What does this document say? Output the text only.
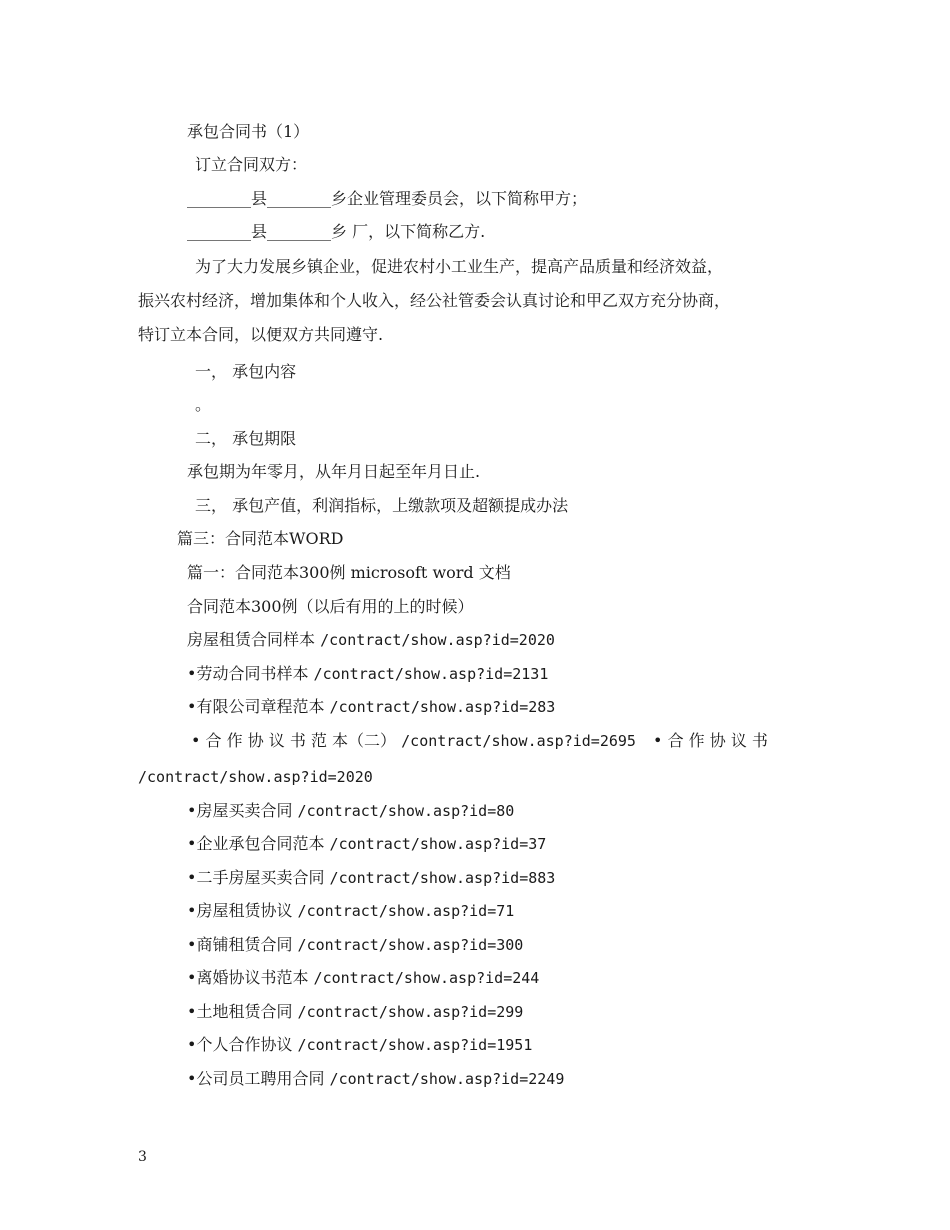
承包合同书（1）
订立合同双方：
________县________乡企业管理委员会，以下简称甲方；
________县________乡 厂，以下简称乙方.
为了大力发展乡镇企业，促进农村小工业生产，提高产品质量和经济效益，
振兴农村经济，增加集体和个人收入，经公社管委会认真讨论和甲乙双方充分协商，
特订立本合同，以便双方共同遵守.
一， 承包内容
。
二， 承包期限
承包期为年零月，从年月日起至年月日止.
三， 承包产值，利润指标，上缴款项及超额提成办法
篇三：合同范本WORD
篇一：合同范本300例 microsoft word 文档
合同范本300例（以后有用的上的时候）
房屋租赁合同样本 /contract/show.asp?id=2020
•劳动合同书样本 /contract/show.asp?id=2131
•有限公司章程范本 /contract/show.asp?id=283
• 合 作 协 议 书 范 本（二） /contract/show.asp?id=2695 • 合 作 协 议 书
/contract/show.asp?id=2020
•房屋买卖合同 /contract/show.asp?id=80
•企业承包合同范本 /contract/show.asp?id=37
•二手房屋买卖合同 /contract/show.asp?id=883
•房屋租赁协议 /contract/show.asp?id=71
•商铺租赁合同 /contract/show.asp?id=300
•离婚协议书范本 /contract/show.asp?id=244
•土地租赁合同 /contract/show.asp?id=299
•个人合作协议 /contract/show.asp?id=1951
•公司员工聘用合同 /contract/show.asp?id=2249
3
